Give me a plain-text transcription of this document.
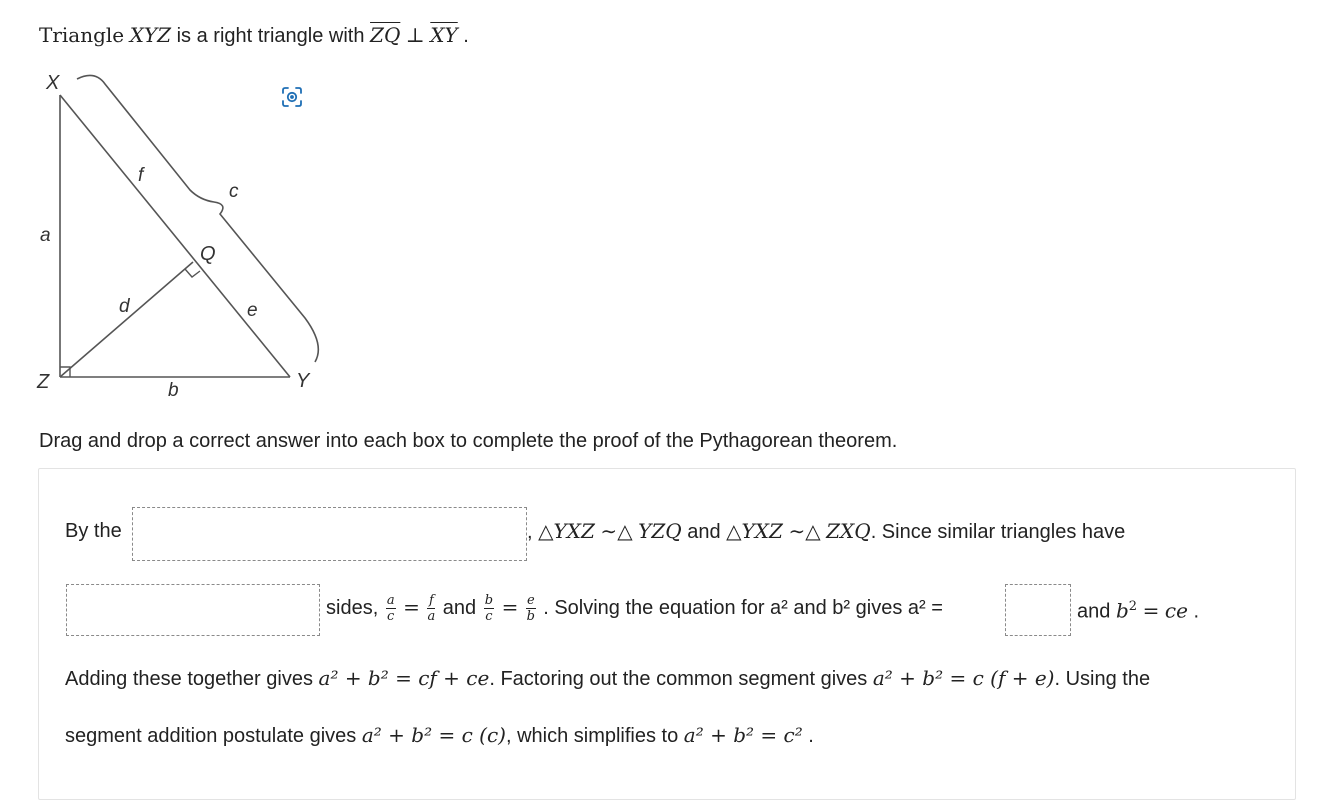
Triangle XYZ is a right triangle with $\overline{ZQ}$ ⊥ $\overline{XY}$ .
X
Y
Z
Q
a
b
c
d	e
f
Drag and drop a correct answer into each box to complete the proof of the Pythagorean theorem.
By the	, △YXZ ∼△ YZQ and △YXZ ∼△ ZXQ. Since similar triangles have
sides, $\frac{a}{c} = \frac{f}{a}$ and $\frac{b}{c} = \frac{e}{b}$ . Solving the equation for a² and b² gives a² =	and $b^2$ = ce .
Adding these together gives a² + b² = cf + ce. Factoring out the common segment gives a² + b² = c (f + e). Using the
segment addition postulate gives a² + b² = c (c), which simplifies to a² + b² = c² .
